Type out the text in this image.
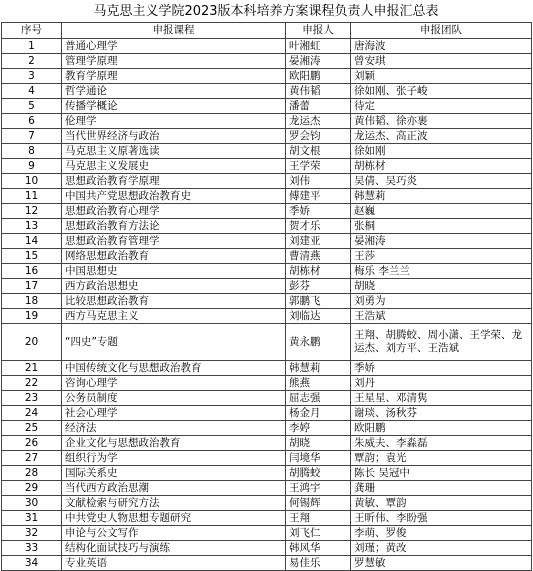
马克思主义学院2023版本科培养方案课程负责人申报汇总表
序号	申报课程	申报人	申报团队
1	普通心理学	叶湘虹	唐海波
2	管理学原理	晏湘涛	曾安琪
3	教育学原理	欧阳鹏	刘颖
4	哲学通论	黄伟韬	徐如刚、张子峻
5	传播学概论	潘蕾	待定
6	伦理学	龙运杰	黄伟韬、徐亦裹
7	当代世界经济与政治	罗会钧	龙运杰、高正波
8	马克思主义原著选读	胡文根	徐如刚
9	马克思主义发展史	王学荣	胡栋材
10	思想政治教育学原理	刘伟	吴倩、吴巧炎
11	中国共产党思想政治教育史	傅建平	韩慧莉
12	思想政治教育心理学	季娇	赵巍
13	思想政治教育方法论	贺才乐	张桐
14	思想政治教育管理学	刘建亚	晏湘涛
15	网络思想政治教育	曹清燕	王莎
16	中国思想史	胡栋材	梅乐 李兰兰
17	西方政治思想史	彭芬	胡晓
18	比较思想政治教育	郭鹏飞	刘勇为
19	西方马克思主义	刘临达	王浩斌
20	“四史”专题	黄永鹏	王翔、胡腾蛟、周小潇、王学荣、龙运杰、刘方平、王浩斌
21	中国传统文化与思想政治教育	韩慧莉	季娇
22	咨询心理学	熊燕	刘丹
23	公务员制度	屈志强	王星星、邓清隽
24	社会心理学	杨金月	谢琰、汤秋芬
25	经济法	李婷	欧阳鹏
26	企业文化与思想政治教育	胡晓	朱威夫、李淼磊
27	组织行为学	闫境华	覃韵；袁光
28	国际关系史	胡腾蛟	陈长 吴冠中
29	当代西方政治思潮	王鸿宇	龚珊
30	文献检索与研究方法	何锡辉	黄敏、覃韵
31	中共党史人物思想专题研究	王翔	王昕伟、李盼强
32	申论与公文写作	刘飞仁	李萌、罗俊
33	结构化面试技巧与演练	韩风华	刘瑾；黄改
34	专业英语	易佳乐	罗慧敏
